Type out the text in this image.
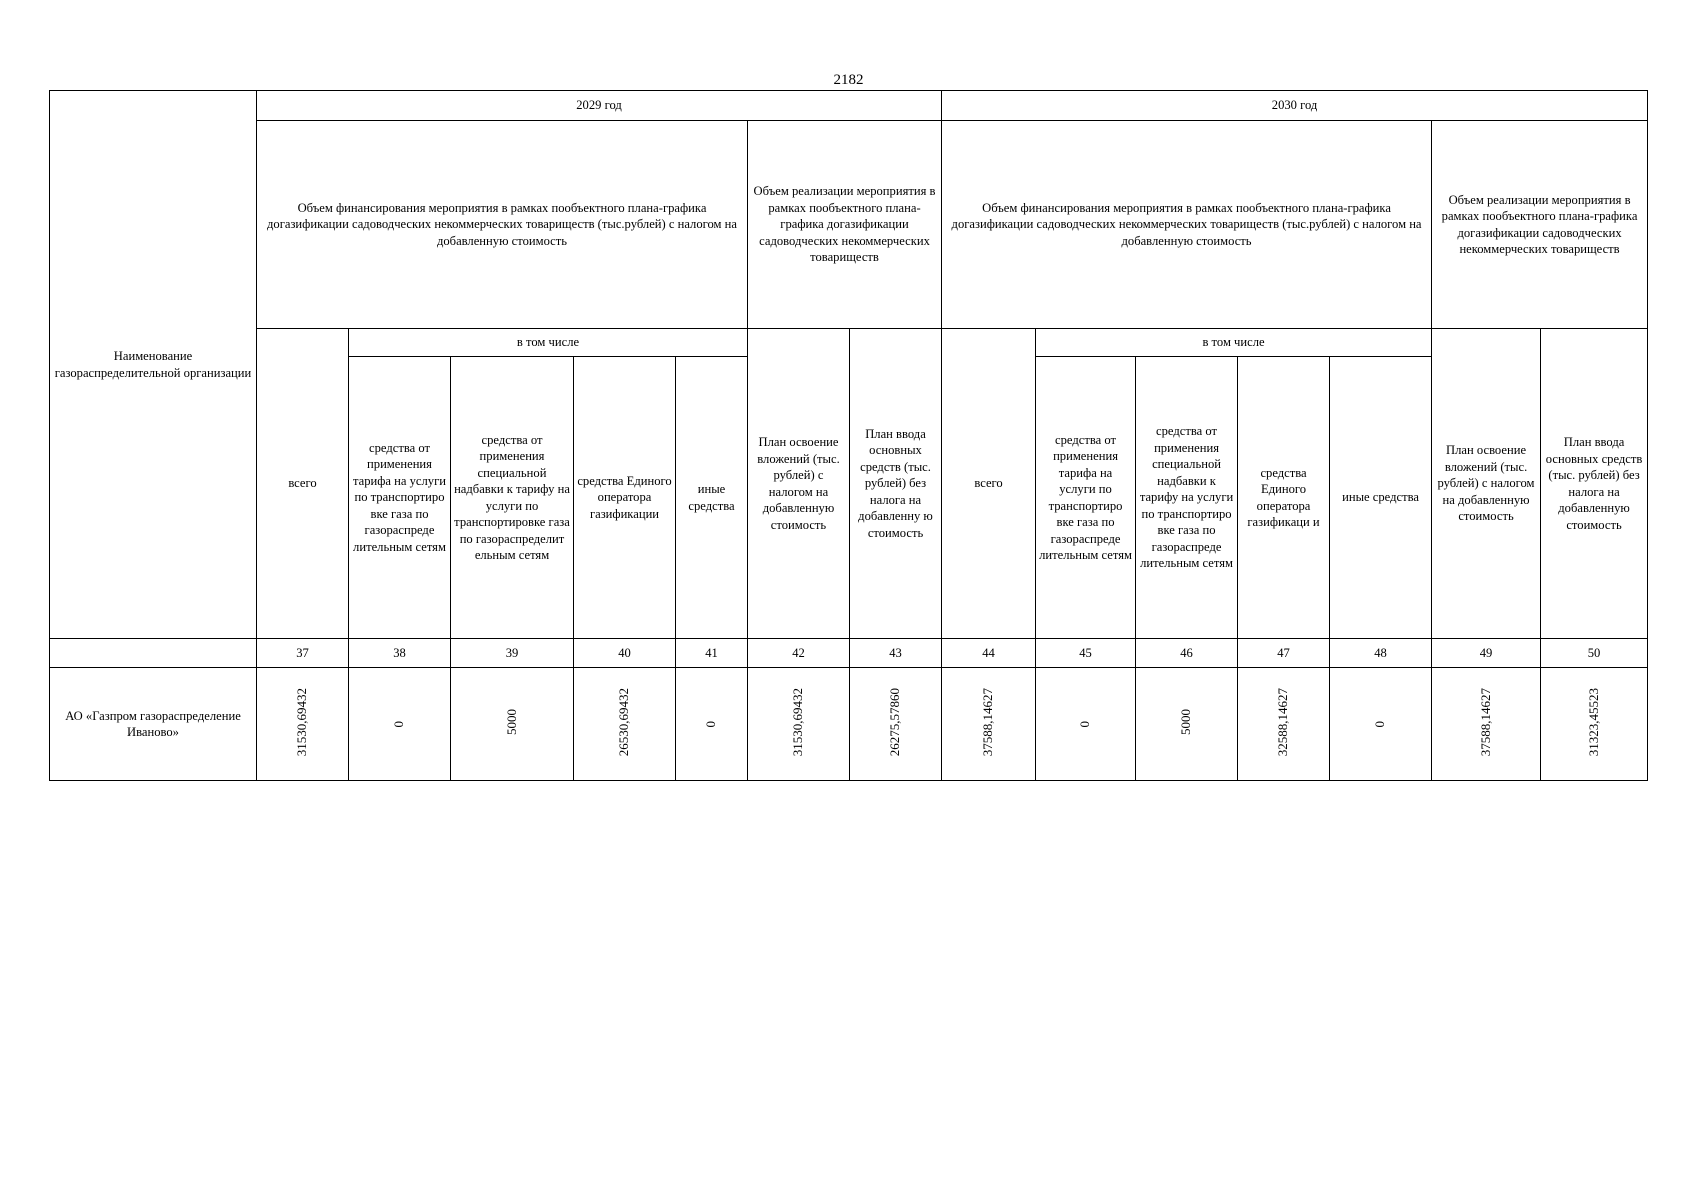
2182
Наименование газораспределительной организации	2029 год							2030 год						
	Объем финансирования мероприятия в рамках пообъектного плана-графика догазификации садоводческих некоммерческих товариществ (тыс.рублей) с налогом на добавленную стоимость					Объем реализации мероприятия в рамках пообъектного плана-графика догазификации садоводческих некоммерческих товариществ		Объем финансирования мероприятия в рамках пообъектного плана-графика догазификации садоводческих некоммерческих товариществ (тыс.рублей) с налогом на добавленную стоимость					Объем реализации мероприятия в рамках пообъектного плана-графика догазификации садоводческих некоммерческих товариществ	
	всего	в том числе				План освоение вложений (тыс. рублей) с налогом на добавленную стоимость	План ввода основных средств (тыс. рублей) без налога на добавленну ю стоимость	всего	в том числе				План освоение вложений (тыс. рублей) с налогом на добавленную стоимость	План ввода основных средств (тыс. рублей) без налога на добавленную стоимость
		средства от применения тарифа на услуги по транспортиро вке газа по газораспреде лительным сетям	средства от применения специальной надбавки к тарифу на услуги по транспортировке газа по газораспределит ельным сетям	средства Единого оператора газификации	иные средства				средства от применения тарифа на услуги по транспортиро вке газа по газораспреде лительным сетям	средства от применения специальной надбавки к тарифу на услуги по транспортиро вке газа по газораспреде лительным сетям	средства Единого оператора газификаци и	иные средства		
	37	38	39	40	41	42	43	44	45	46	47	48	49	50
АО «Газпром газораспределение Иваново»	31530,69432	0	5000	26530,69432	0	31530,69432	26275,57860	37588,14627	0	5000	32588,14627	0	37588,14627	31323,45523
